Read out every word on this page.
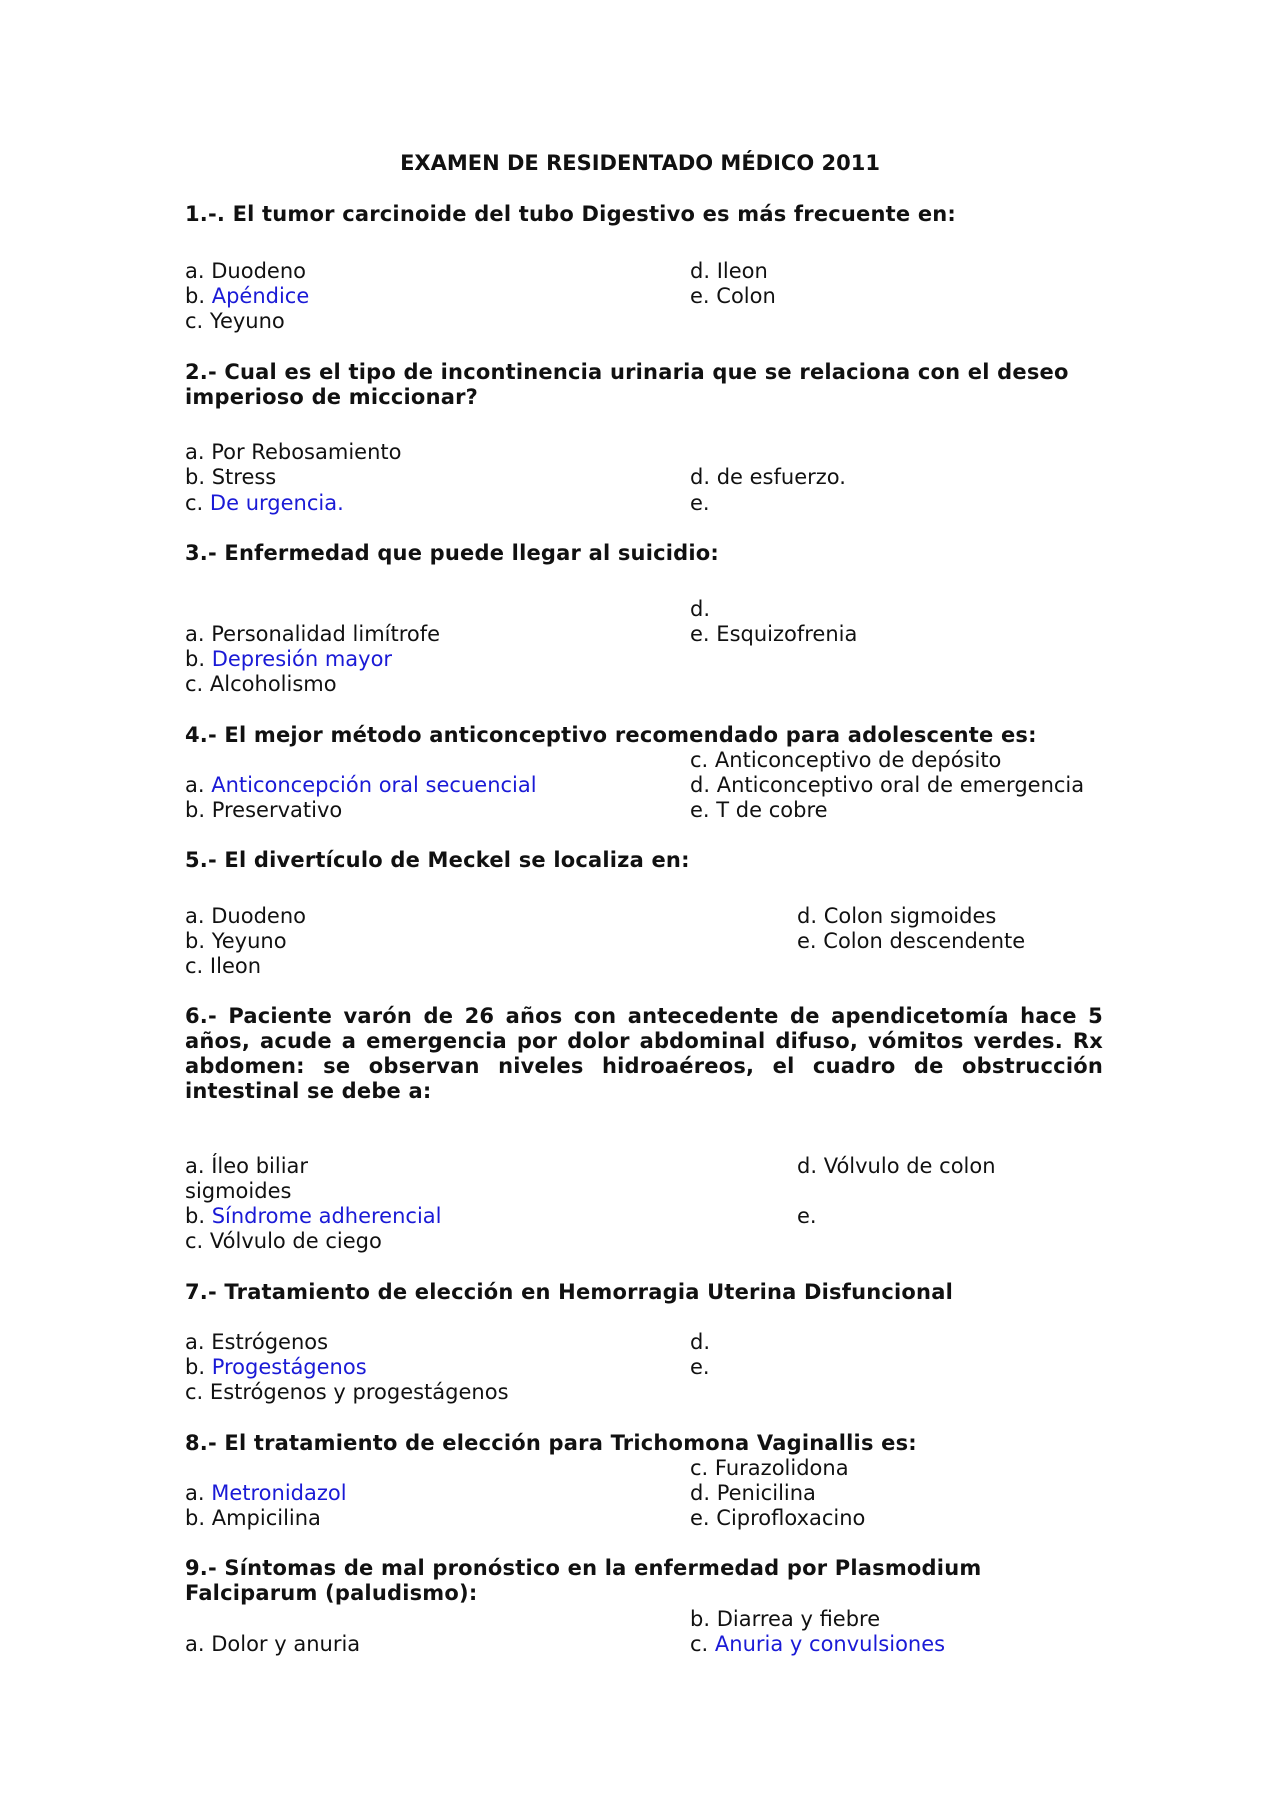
EXAMEN DE RESIDENTADO MÉDICO 2011
1.-. El tumor carcinoide del tubo Digestivo es más frecuente en:
a. Duodeno
b. Apéndice
c. Yeyuno
d. Ileon
e. Colon
2.- Cual es el tipo de incontinencia urinaria que se relaciona con el deseo imperioso de miccionar?
a. Por Rebosamiento
b. Stress
c. De urgencia.
d. de esfuerzo.
e.
3.- Enfermedad que puede llegar al suicidio:
a. Personalidad limítrofe
b. Depresión mayor
c. Alcoholismo
d.
e. Esquizofrenia
4.- El mejor método anticonceptivo recomendado para adolescente es:
a. Anticoncepción oral secuencial
b. Preservativo
c. Anticonceptivo de depósito
d. Anticonceptivo oral de emergencia
e. T de cobre
5.- El divertículo de Meckel se localiza en:
a. Duodeno
b. Yeyuno
c. Ileon
d. Colon sigmoides
e. Colon descendente
6.- Paciente varón de 26 años con antecedente de apendicetomía hace 5 años, acude a emergencia por dolor abdominal difuso, vómitos verdes. Rx abdomen: se observan niveles hidroaéreos, el cuadro de obstrucción intestinal se debe a:
a. Íleo biliar
sigmoides
b. Síndrome adherencial
c. Vólvulo de ciego
d. Vólvulo de colon
e.
7.- Tratamiento de elección en Hemorragia Uterina Disfuncional
a. Estrógenos
b. Progestágenos
c. Estrógenos y progestágenos
d.
e.
8.- El tratamiento de elección para Trichomona Vaginallis es:
a. Metronidazol
b. Ampicilina
c. Furazolidona
d. Penicilina
e. Ciprofloxacino
9.- Síntomas de mal pronóstico en la enfermedad por Plasmodium Falciparum (paludismo):
a. Dolor y anuria
b. Diarrea y fiebre
c. Anuria y convulsiones
